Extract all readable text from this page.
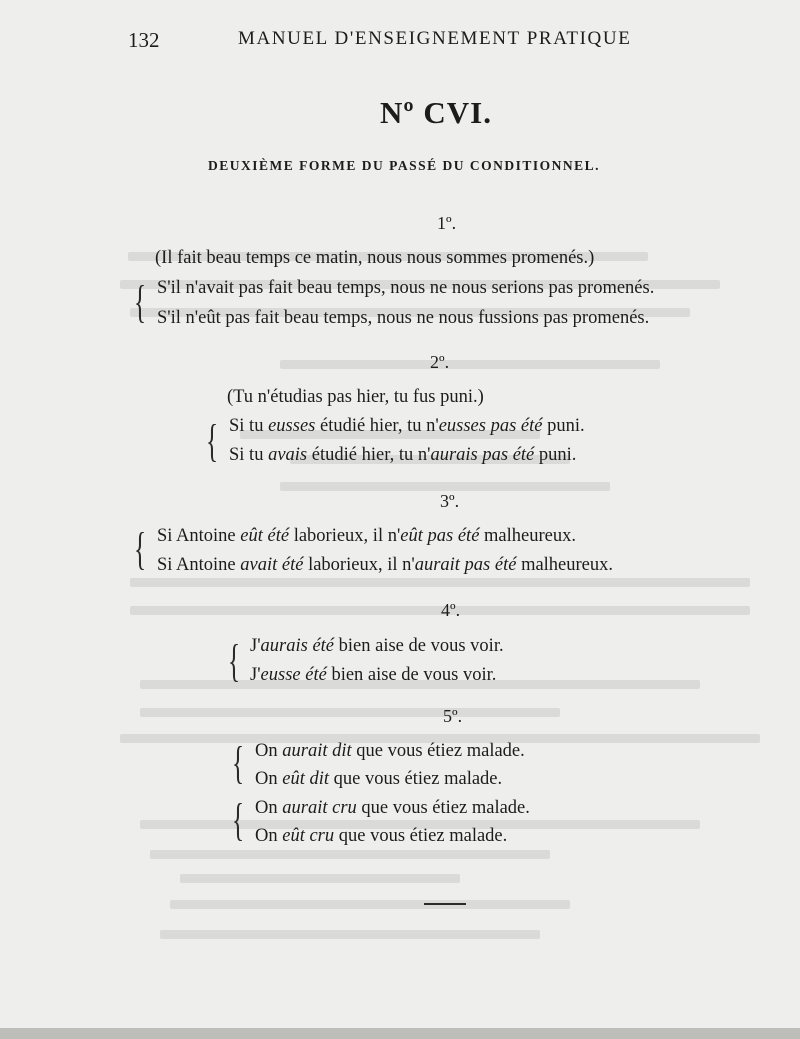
132	MANUEL D'ENSEIGNEMENT PRATIQUE
Nº CVI.
DEUXIÈME FORME DU PASSÉ DU CONDITIONNEL.
1º.
(Il fait beau temps ce matin, nous nous sommes promenés.)
{ S'il n'avait pas fait beau temps, nous ne nous serions pas promenés.
S'il n'eût pas fait beau temps, nous ne nous fussions pas promenés.
2º.
(Tu n'étudias pas hier, tu fus puni.)
{ Si tu eusses étudié hier, tu n'eusses pas été puni.
Si tu avais étudié hier, tu n'aurais pas été puni.
3º.
{ Si Antoine eût été laborieux, il n'eût pas été malheureux.
Si Antoine avait été laborieux, il n'aurait pas été malheureux.
4º.
{ J'aurais été bien aise de vous voir.
J'eusse été bien aise de vous voir.
5º.
{ On aurait dit que vous étiez malade.
On eût dit que vous étiez malade.
{ On aurait cru que vous étiez malade.
On eût cru que vous étiez malade.
